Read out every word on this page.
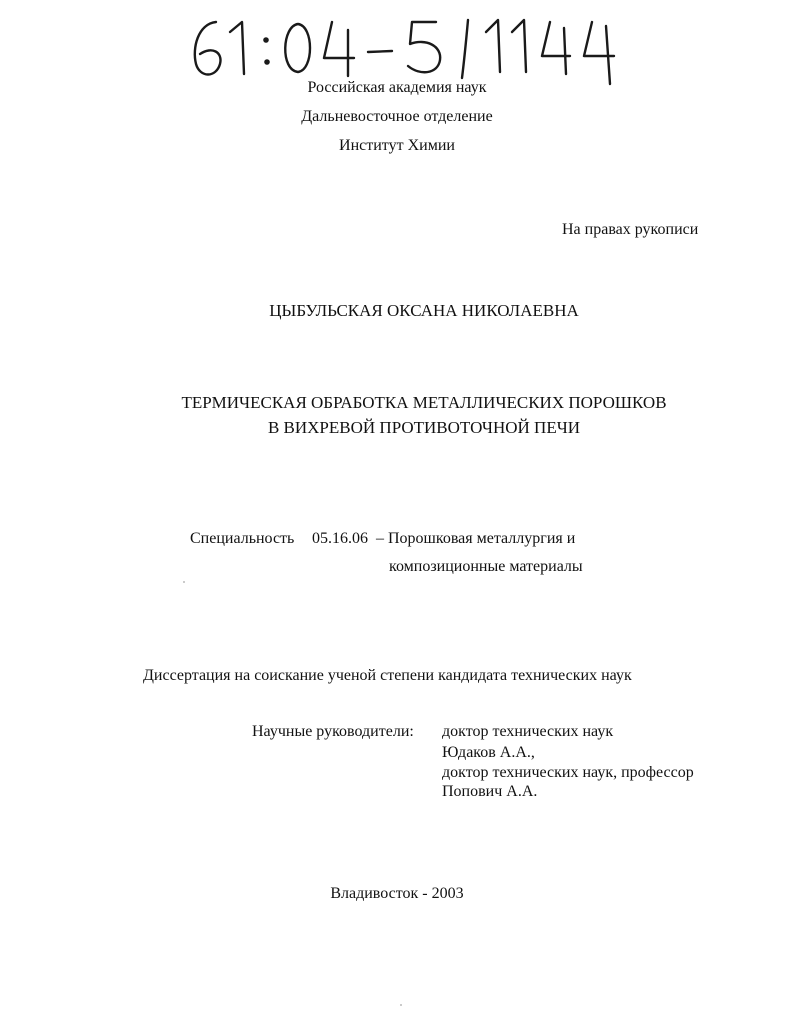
Российская академия наук
Дальневосточное отделение
Институт Химии
На правах рукописи
ЦЫБУЛЬСКАЯ ОКСАНА НИКОЛАЕВНА
ТЕРМИЧЕСКАЯ ОБРАБОТКА МЕТАЛЛИЧЕСКИХ ПОРОШКОВ
В ВИХРЕВОЙ ПРОТИВОТОЧНОЙ ПЕЧИ
Специальность 05.16.06 – Порошковая металлургия и
композиционные материалы
Диссертация на соискание ученой степени кандидата технических наук
Научные руководители: доктор технических наук
Юдаков А.А.,
доктор технических наук, профессор
Попович А.А.
Владивосток - 2003
